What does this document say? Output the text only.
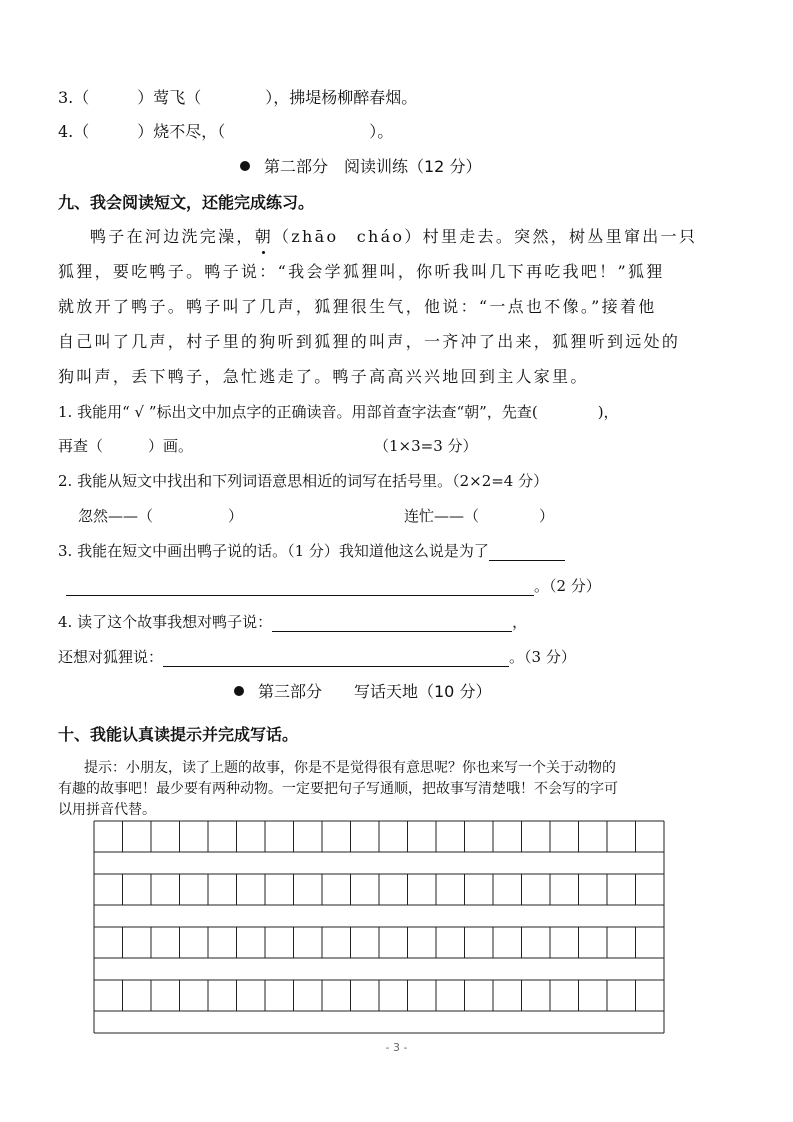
3.（　　　）莺飞（　　　　），拂堤杨柳醉春烟。
4.（　　　）烧不尽，（　　　　　　　　　）。
第二部分　阅读训练（12 分）
九、我会阅读短文，还能完成练习。
鸭子在河边洗完澡，朝（zhāo　cháo）村里走去。突然，树丛里窜出一只
狐狸，要吃鸭子。鸭子说：“我会学狐狸叫，你听我叫几下再吃我吧！”狐狸
就放开了鸭子。鸭子叫了几声，狐狸很生气，他说：“一点也不像。”接着他
自己叫了几声，村子里的狗听到狐狸的叫声，一齐冲了出来，狐狸听到远处的
狗叫声，丢下鸭子，急忙逃走了。鸭子高高兴兴地回到主人家里。
1. 我能用“ √ ”标出文中加点字的正确读音。用部首查字法查“朝”，先查(　　　　)，
再查（　　　）画。	（1×3=3 分）
2. 我能从短文中找出和下列词语意思相近的词写在括号里。（2×2=4 分）
忽然——（　　　　　）	连忙——（　　　　）
3. 我能在短文中画出鸭子说的话。（1 分）我知道他这么说是为了
。（2 分）
4. 读了这个故事我想对鸭子说：	，
还想对狐狸说：	。（3 分）
第三部分　　写话天地（10 分）
十、我能认真读提示并完成写话。
提示：小朋友，读了上题的故事，你是不是觉得很有意思呢？你也来写一个关于动物的
有趣的故事吧！最少要有两种动物。一定要把句子写通顺，把故事写清楚哦！不会写的字可
以用拼音代替。
- 3 -
